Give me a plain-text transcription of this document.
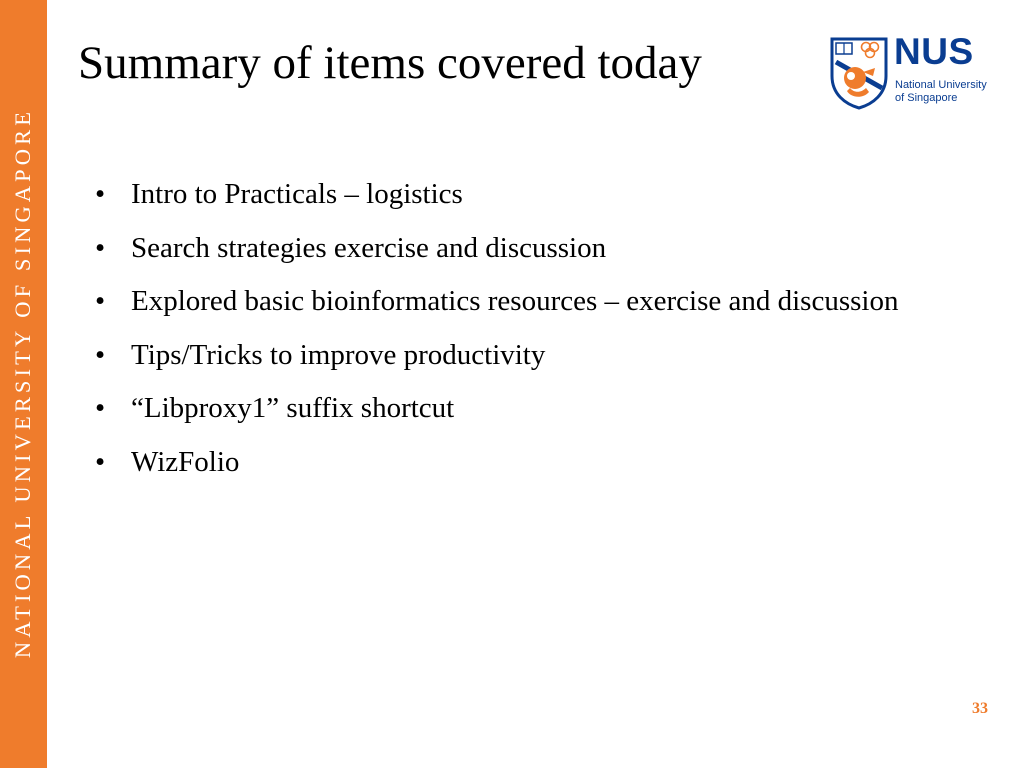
NATIONAL UNIVERSITY OF SINGAPORE
Summary of items covered today	NUS
National University
of Singapore
• Intro to Practicals – logistics
• Search strategies exercise and discussion
• Explored basic bioinformatics resources – exercise and discussion
• Tips/Tricks to improve productivity
• “Libproxy1” suffix shortcut
• WizFolio
33
